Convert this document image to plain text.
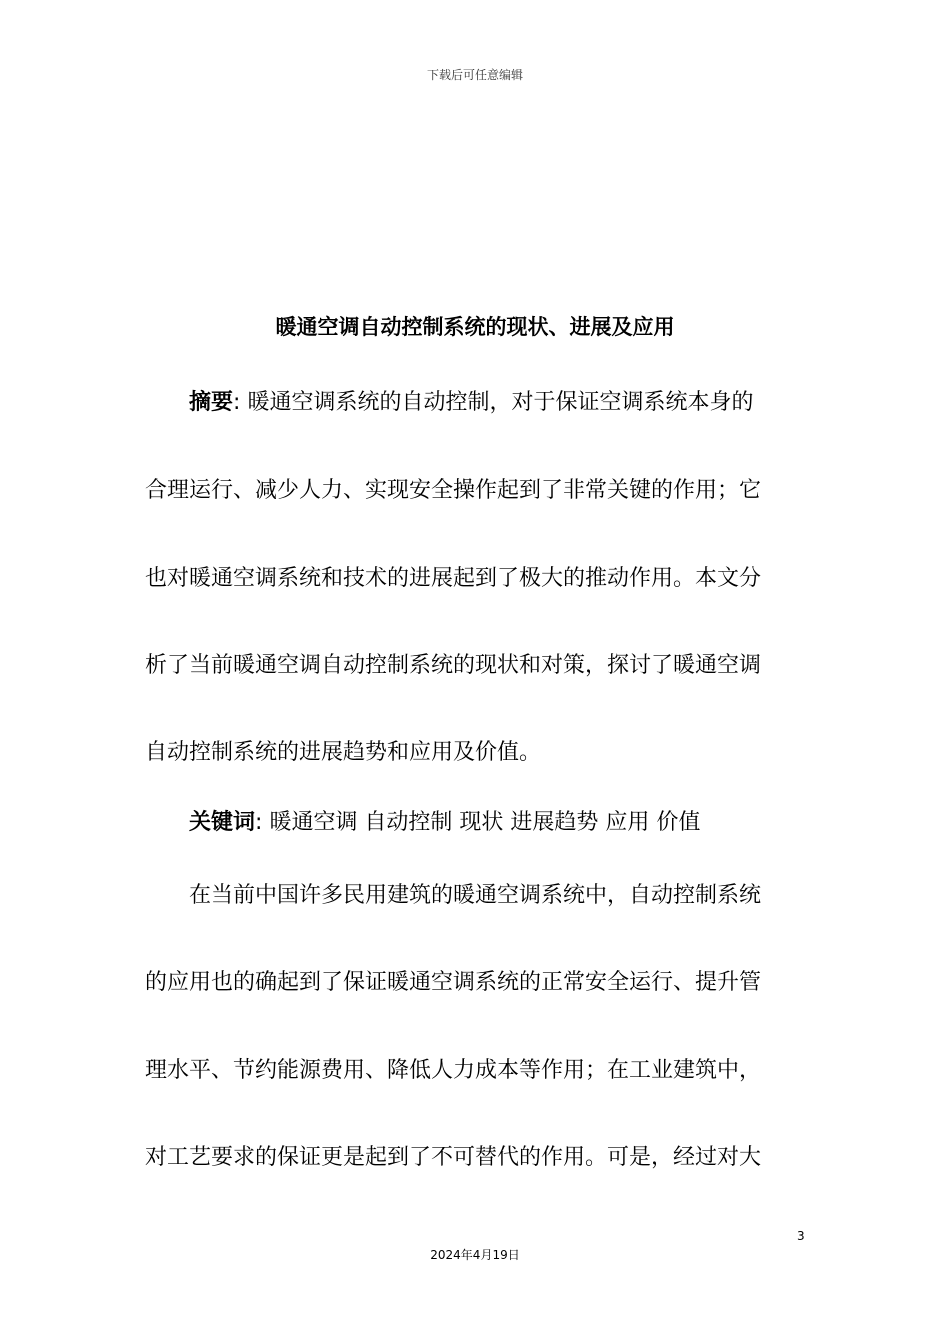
下载后可任意编辑
暖通空调自动控制系统的现状、进展及应用
摘要: 暖通空调系统的自动控制，对于保证空调系统本身的
合理运行、减少人力、实现安全操作起到了非常关键的作用；它
也对暖通空调系统和技术的进展起到了极大的推动作用。本文分
析了当前暖通空调自动控制系统的现状和对策，探讨了暖通空调
自动控制系统的进展趋势和应用及价值。
关键词: 暖通空调 自动控制 现状 进展趋势 应用 价值
在当前中国许多民用建筑的暖通空调系统中，自动控制系统
的应用也的确起到了保证暖通空调系统的正常安全运行、提升管
理水平、节约能源费用、降低人力成本等作用；在工业建筑中，
对工艺要求的保证更是起到了不可替代的作用。可是，经过对大
3
2024年4月19日
